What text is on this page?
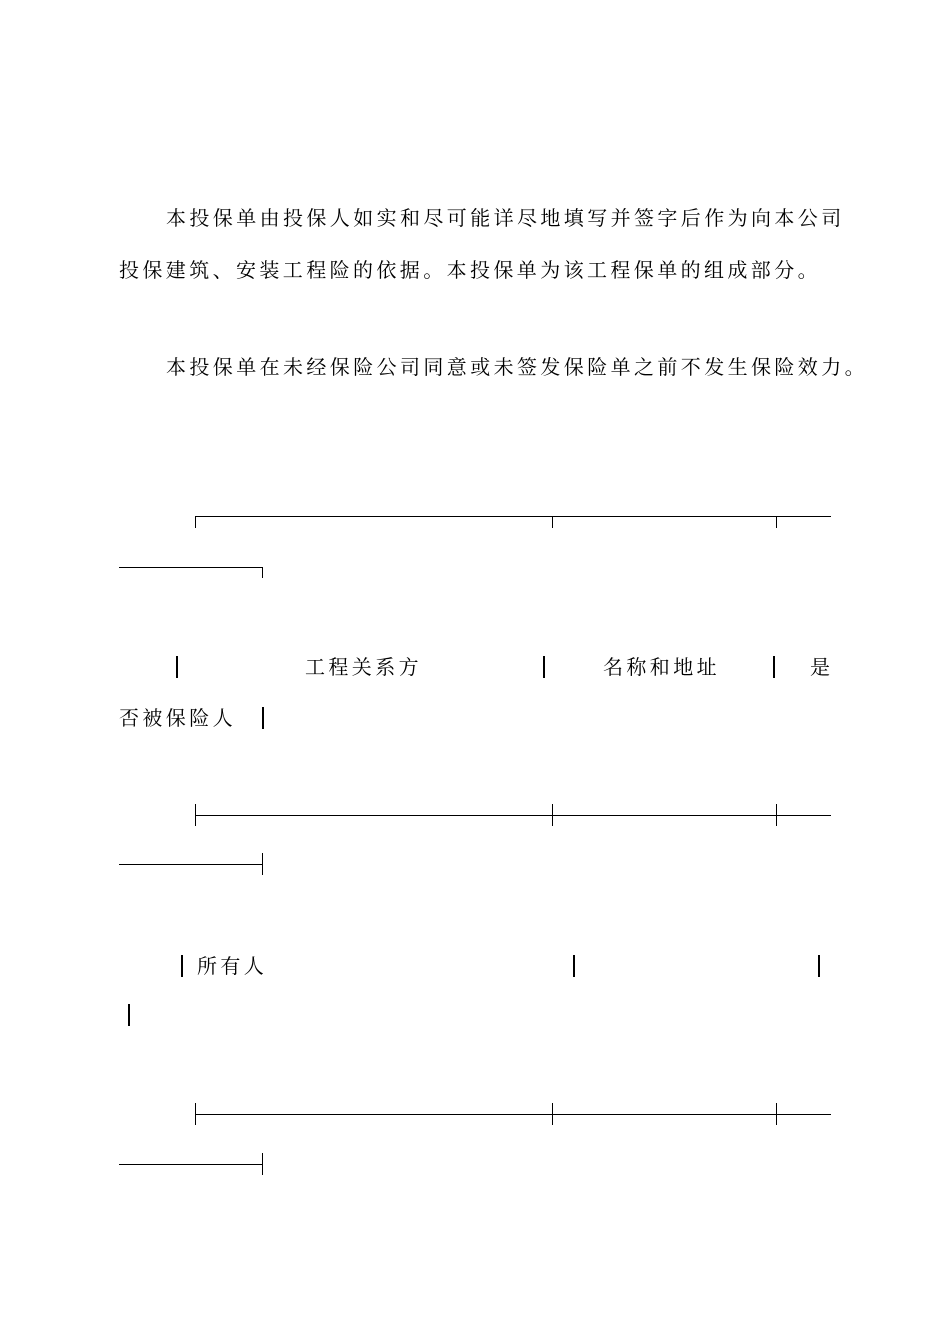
本投保单由投保人如实和尽可能详尽地填写并签字后作为向本公司
投保建筑、安装工程险的依据。本投保单为该工程保单的组成部分。
本投保单在未经保险公司同意或未签发保险单之前不发生保险效力。
工程关系方	名称和地址	是
否被保险人
所有人
